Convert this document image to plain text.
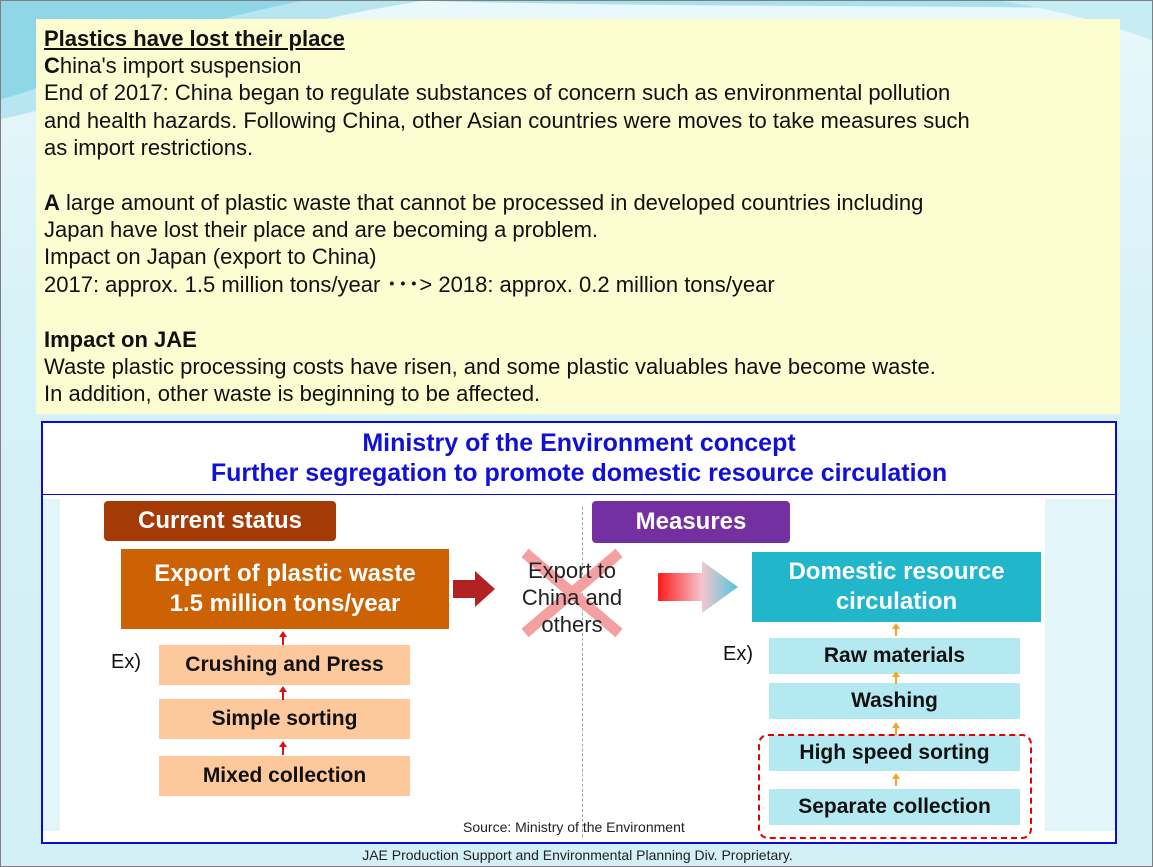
Plastics have lost their place
China's import suspension
End of 2017: China began to regulate substances of concern such as environmental pollution
and health hazards. Following China, other Asian countries were moves to take measures such
as import restrictions.
A large amount of plastic waste that cannot be processed in developed countries including
Japan have lost their place and are becoming a problem.
Impact on Japan (export to China)
2017: approx. 1.5 million tons/year ･･･> 2018: approx. 0.2 million tons/year
Impact on JAE
Waste plastic processing costs have risen, and some plastic valuables have become waste.
In addition, other waste is beginning to be affected.
Ministry of the Environment concept
Further segregation to promote domestic resource circulation
Current status	Measures
Export of plastic waste
1.5 million tons/year
Ex)	Crushing and Press
Simple sorting
Mixed collection
Export to
China and
others
Domestic resource
circulation
Ex)	Raw materials
Washing
High speed sorting
Separate collection
Source: Ministry of the Environment
JAE Production Support and Environmental Planning Div. Proprietary.
